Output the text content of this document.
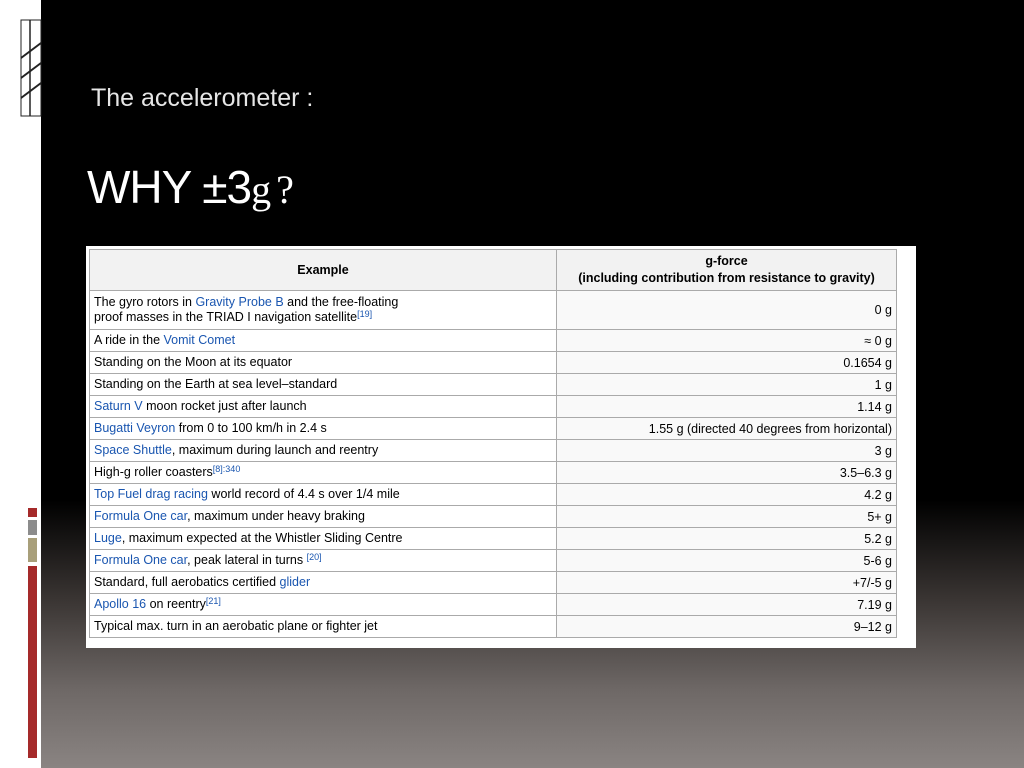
The accelerometer :
WHY ±3g ?
Example	g-force
(including contribution from resistance to gravity)

The gyro rotors in Gravity Probe B and the free-floating
proof masses in the TRIAD I navigation satellite[19]	0 g
A ride in the Vomit Comet	≈ 0 g
Standing on the Moon at its equator	0.1654 g
Standing on the Earth at sea level–standard	1 g
Saturn V moon rocket just after launch	1.14 g
Bugatti Veyron from 0 to 100 km/h in 2.4 s	1.55 g (directed 40 degrees from horizontal)
Space Shuttle, maximum during launch and reentry	3 g
High-g roller coasters$^{[8]:340}$	3.5–6.3 g
Top Fuel drag racing world record of 4.4 s over 1/4 mile	4.2 g
Formula One car, maximum under heavy braking	5+ g
Luge, maximum expected at the Whistler Sliding Centre	5.2 g
Formula One car, peak lateral in turns [20]	5-6 g
Standard, full aerobatics certified glider	+7/-5 g
Apollo 16 on reentry[21]	7.19 g
Typical max. turn in an aerobatic plane or fighter jet	9–12 g
